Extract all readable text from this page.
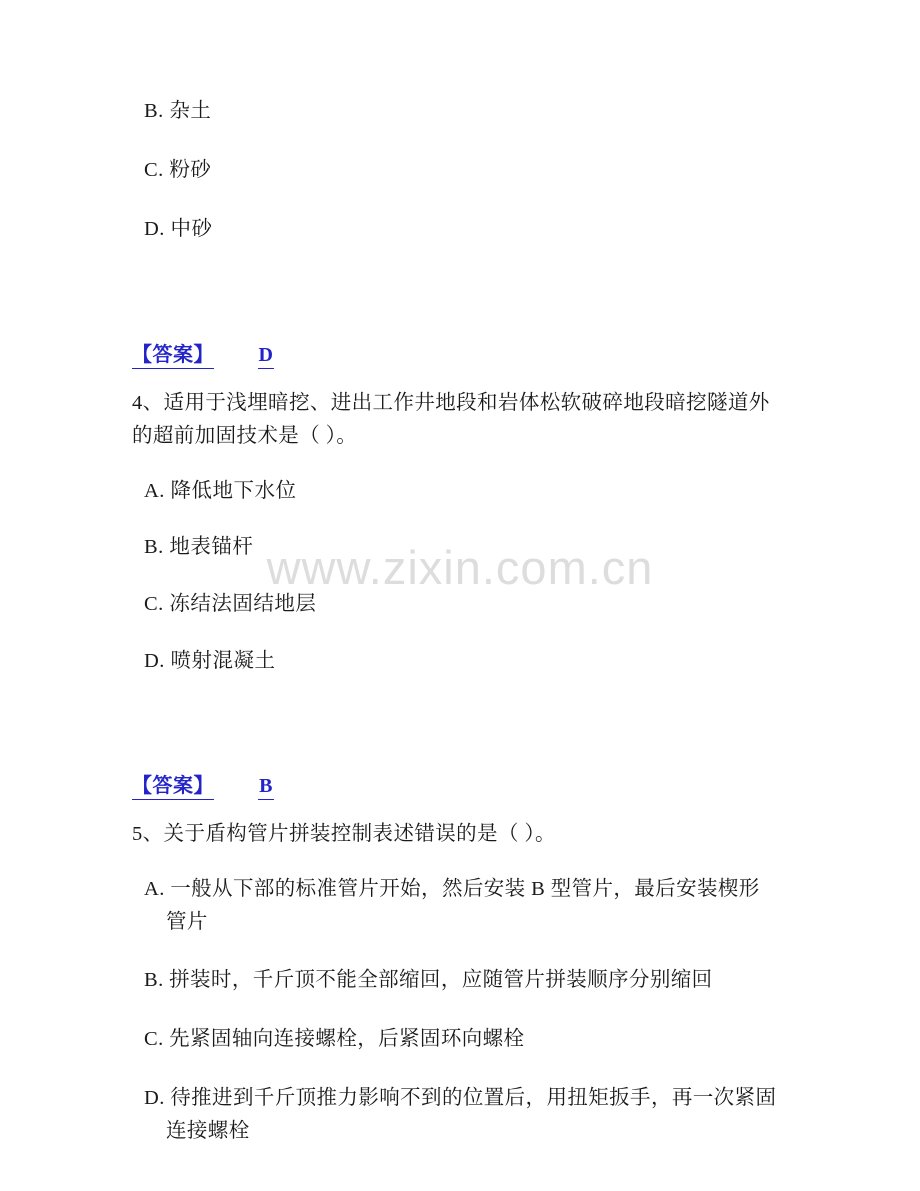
www.zixin.com.cn

B. 杂土

C. 粉砂

D. 中砂

【答案】 D

4、适用于浅埋暗挖、进出工作井地段和岩体松软破碎地段暗挖隧道外的超前加固技术是（ ）。

A. 降低地下水位

B. 地表锚杆

C. 冻结法固结地层

D. 喷射混凝土

【答案】 B

5、关于盾构管片拼装控制表述错误的是（ ）。

A. 一般从下部的标准管片开始，然后安装 B 型管片，最后安装楔形管片

B. 拼装时，千斤顶不能全部缩回，应随管片拼装顺序分别缩回

C. 先紧固轴向连接螺栓，后紧固环向螺栓

D. 待推进到千斤顶推力影响不到的位置后，用扭矩扳手，再一次紧固连接螺栓
